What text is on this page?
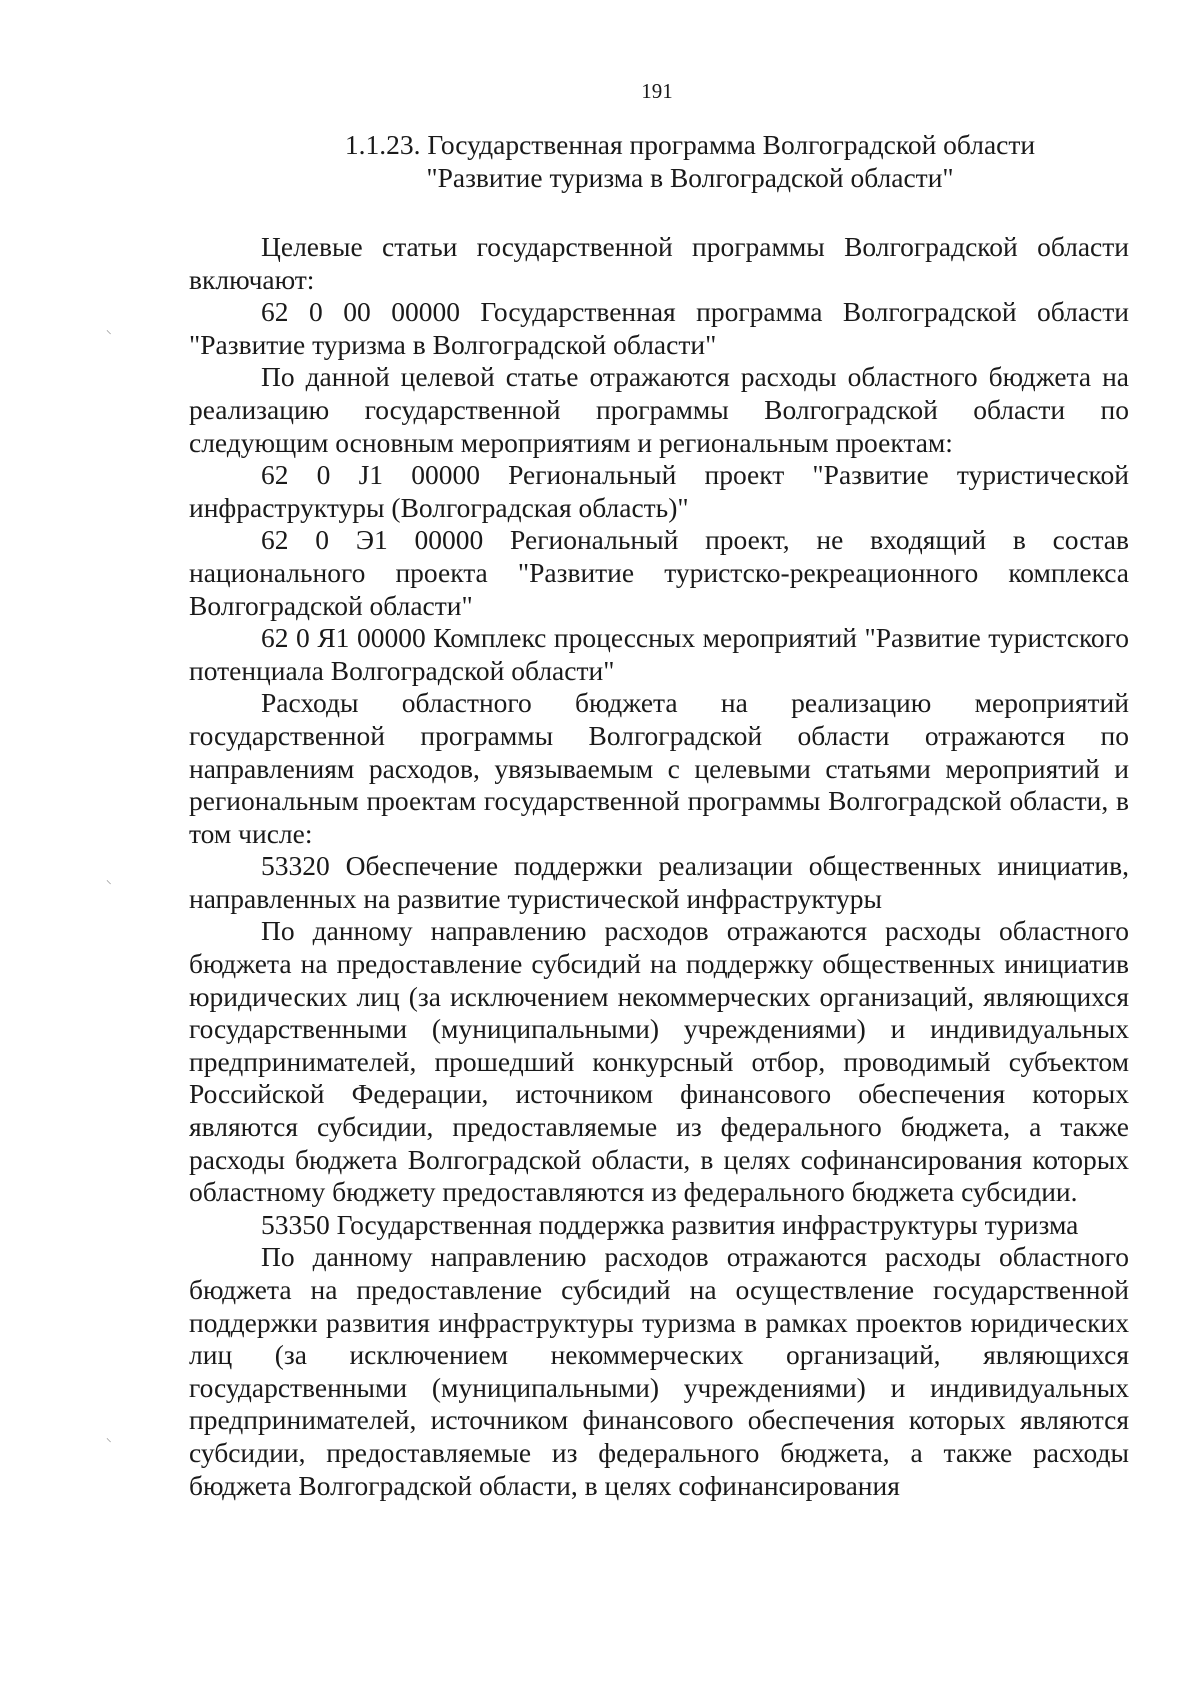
191
1.1.23. Государственная программа Волгоградской области
"Развитие туризма в Волгоградской области"

Целевые статьи государственной программы Волгоградской области включают:

62 0 00 00000 Государственная программа Волгоградской области "Развитие туризма в Волгоградской области"

По данной целевой статье отражаются расходы областного бюджета на реализацию государственной программы Волгоградской области по следующим основным мероприятиям и региональным проектам:

62 0 J1 00000 Региональный проект "Развитие туристической инфраструктуры (Волгоградская область)"

62 0 Э1 00000 Региональный проект, не входящий в состав национального проекта "Развитие туристско-рекреационного комплекса Волгоградской области"

62 0 Я1 00000 Комплекс процессных мероприятий "Развитие туристского потенциала Волгоградской области"

Расходы областного бюджета на реализацию мероприятий государственной программы Волгоградской области отражаются по направлениям расходов, увязываемым с целевыми статьями мероприятий и региональным проектам государственной программы Волгоградской области, в том числе:

53320 Обеспечение поддержки реализации общественных инициатив, направленных на развитие туристической инфраструктуры

По данному направлению расходов отражаются расходы областного бюджета на предоставление субсидий на поддержку общественных инициатив юридических лиц (за исключением некоммерческих организаций, являющихся государственными (муниципальными) учреждениями) и индивидуальных предпринимателей, прошедший конкурсный отбор, проводимый субъектом Российской Федерации, источником финансового обеспечения которых являются субсидии, предоставляемые из федерального бюджета, а также расходы бюджета Волгоградской области, в целях софинансирования которых областному бюджету предоставляются из федерального бюджета субсидии.

53350 Государственная поддержка развития инфраструктуры туризма

По данному направлению расходов отражаются расходы областного бюджета на предоставление субсидий на осуществление государственной поддержки развития инфраструктуры туризма в рамках проектов юридических лиц (за исключением некоммерческих организаций, являющихся государственными (муниципальными) учреждениями) и индивидуальных предпринимателей, источником финансового обеспечения которых являются субсидии, предоставляемые из федерального бюджета, а также расходы бюджета Волгоградской области, в целях софинансирования

⸌
⸌
⸌
